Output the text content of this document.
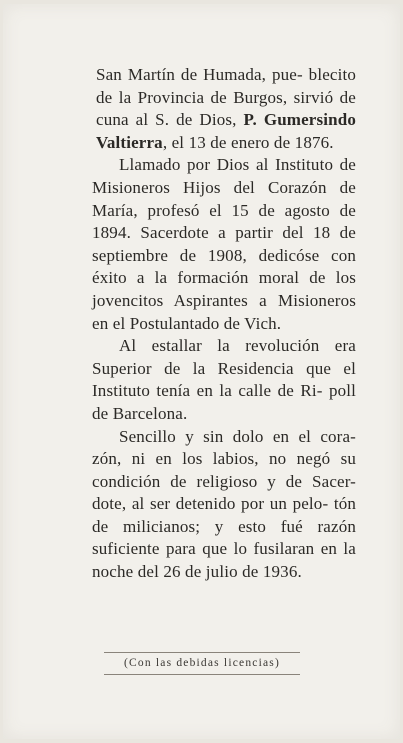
San Martín de Humada, pue- blecito de la Provincia de Burgos, sirvió de cuna al S. de Dios, P. Gumersindo Valtierra, el 13 de enero de 1876.

Llamado por Dios al Instituto de Misioneros Hijos del Corazón de María, profesó el 15 de agosto de 1894. Sacerdote a partir del 18 de septiembre de 1908, dedicóse con éxito a la formación moral de los jovencitos Aspirantes a Misioneros en el Postulantado de Vich.

Al estallar la revolución era Superior de la Residencia que el Instituto tenía en la calle de Ri- poll de Barcelona.

Sencillo y sin dolo en el cora- zón, ni en los labios, no negó su condición de religioso y de Sacer- dote, al ser detenido por un pelo- tón de milicianos; y esto fué razón suficiente para que lo fusilaran en la noche del 26 de julio de 1936.

(Con las debidas licencias)
